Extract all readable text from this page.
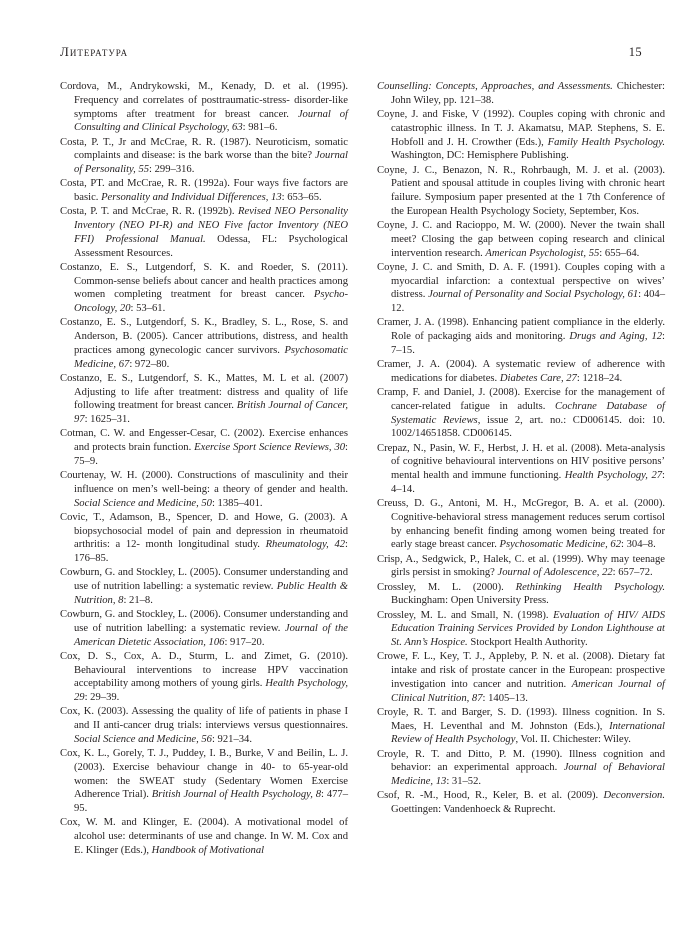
Литература	15

Cordova, M., Andrykowski, M., Kenady, D. et al. (1995). Frequency and correlates of posttraumatic-stress- disorder-like symptoms after treatment for breast cancer. Journal of Consulting and Clinical Psychology, 63: 981–6.

Costa, P. T., Jr and McCrae, R. R. (1987). Neuroticism, somatic complaints and disease: is the bark worse than the bite? Journal of Personality, 55: 299–316.

Costa, PT. and McCrae, R. R. (1992a). Four ways five factors are basic. Personality and Individual Differences, 13: 653–65.

Costa, P. T. and McCrae, R. R. (1992b). Revised NEO Personality Inventory (NEO PI-R) and NEO Five factor Inventory (NEO FFI) Professional Manual. Odessa, FL: Psychological Assessment Resources.

Costanzo, E. S., Lutgendorf, S. K. and Roeder, S. (2011). Common-sense beliefs about cancer and health practices among women completing treatment for breast cancer. Psycho-Oncology, 20: 53–61.

Costanzo, E. S., Lutgendorf, S. K., Bradley, S. L., Rose, S. and Anderson, B. (2005). Cancer attributions, distress, and health practices among gynecologic cancer survivors. Psychosomatic Medicine, 67: 972–80.

Costanzo, E. S., Lutgendorf, S. K., Mattes, M. L et al. (2007) Adjusting to life after treatment: distress and quality of life following treatment for breast cancer. British Journal of Cancer, 97: 1625–31.

Cotman, C. W. and Engesser-Cesar, C. (2002). Exercise enhances and protects brain function. Exercise Sport Science Reviews, 30: 75–9.

Courtenay, W. H. (2000). Constructions of masculinity and their influence on men’s well-being: a theory of gender and health. Social Science and Medicine, 50: 1385–401.

Covic, T., Adamson, B., Spencer, D. and Howe, G. (2003). A biopsychosocial model of pain and depression in rheumatoid arthritis: a 12- month longitudinal study. Rheumatology, 42: 176–85.

Cowburn, G. and Stockley, L. (2005). Consumer understanding and use of nutrition labelling: a systematic review. Public Health & Nutrition, 8: 21–8.

Cowburn, G. and Stockley, L. (2006). Consumer understanding and use of nutrition labelling: a systematic review. Journal of the American Dietetic Association, 106: 917–20.

Cox, D. S., Cox, A. D., Sturm, L. and Zimet, G. (2010). Behavioural interventions to increase HPV vaccination acceptability among mothers of young girls. Health Psychology, 29: 29–39.

Cox, K. (2003). Assessing the quality of life of patients in phase I and II anti-cancer drug trials: interviews versus questionnaires. Social Science and Medicine, 56: 921–34.

Cox, K. L., Gorely, T. J., Puddey, I. B., Burke, V and Beilin, L. J. (2003). Exercise behaviour change in 40- to 65-year-old women: the SWEAT study (Sedentary Women Exercise Adherence Trial). British Journal of Health Psychology, 8: 477–95.

Cox, W. M. and Klinger, E. (2004). A motivational model of alcohol use: determinants of use and change. In W. M. Cox and E. Klinger (Eds.), Handbook of Motivational

Counselling: Concepts, Approaches, and Assessments. Chichester: John Wiley, pp. 121–38.

Coyne, J. and Fiske, V (1992). Couples coping with chronic and catastrophic illness. In T. J. Akamatsu, MAP. Stephens, S. E. Hobfoll and J. H. Crowther (Eds.), Family Health Psychology. Washington, DC: Hemisphere Publishing.

Coyne, J. C., Benazon, N. R., Rohrbaugh, M. J. et al. (2003). Patient and spousal attitude in couples living with chronic heart failure. Symposium paper presented at the 1 7th Conference of the European Health Psychology Society, September, Kos.

Coyne, J. C. and Racioppo, M. W. (2000). Never the twain shall meet? Closing the gap between coping research and clinical intervention research. American Psychologist, 55: 655–64.

Coyne, J. C. and Smith, D. A. F. (1991). Couples coping with a myocardial infarction: a contextual perspective on wives’ distress. Journal of Personality and Social Psychology, 61: 404–12.

Cramer, J. A. (1998). Enhancing patient compliance in the elderly. Role of packaging aids and monitoring. Drugs and Aging, 12: 7–15.

Cramer, J. A. (2004). A systematic review of adherence with medications for diabetes. Diabetes Care, 27: 1218–24.

Cramp, F. and Daniel, J. (2008). Exercise for the management of cancer-related fatigue in adults. Cochrane Database of Systematic Reviews, issue 2, art. no.: CD006145. doi: 10. 1002/14651858. CD006145.

Crepaz, N., Pasin, W. F., Herbst, J. H. et al. (2008). Meta-analysis of cognitive behavioural interventions on HIV positive persons’ mental health and immune functioning. Health Psychology, 27: 4–14.

Creuss, D. G., Antoni, M. H., McGregor, B. A. et al. (2000). Cognitive-behavioral stress management reduces serum cortisol by enhancing benefit finding among women being treated for early stage breast cancer. Psychosomatic Medicine, 62: 304–8.

Crisp, A., Sedgwick, P., Halek, C. et al. (1999). Why may teenage girls persist in smoking? Journal of Adolescence, 22: 657–72.

Crossley, M. L. (2000). Rethinking Health Psychology. Buckingham: Open University Press.

Crossley, M. L. and Small, N. (1998). Evaluation of HIV/ AIDS Education Training Services Provided by London Lighthouse at St. Ann’s Hospice. Stockport Health Authority.

Crowe, F. L., Key, T. J., Appleby, P. N. et al. (2008). Dietary fat intake and risk of prostate cancer in the European: prospective investigation into cancer and nutrition. American Journal of Clinical Nutrition, 87: 1405–13.

Croyle, R. T. and Barger, S. D. (1993). Illness cognition. In S. Maes, H. Leventhal and M. Johnston (Eds.), International Review of Health Psychology, Vol. II. Chichester: Wiley.

Croyle, R. T. and Ditto, P. M. (1990). Illness cognition and behavior: an experimental approach. Journal of Behavioral Medicine, 13: 31–52.

Csof, R. -M., Hood, R., Keler, B. et al. (2009). Deconversion. Goettingen: Vandenhoeck & Ruprecht.
